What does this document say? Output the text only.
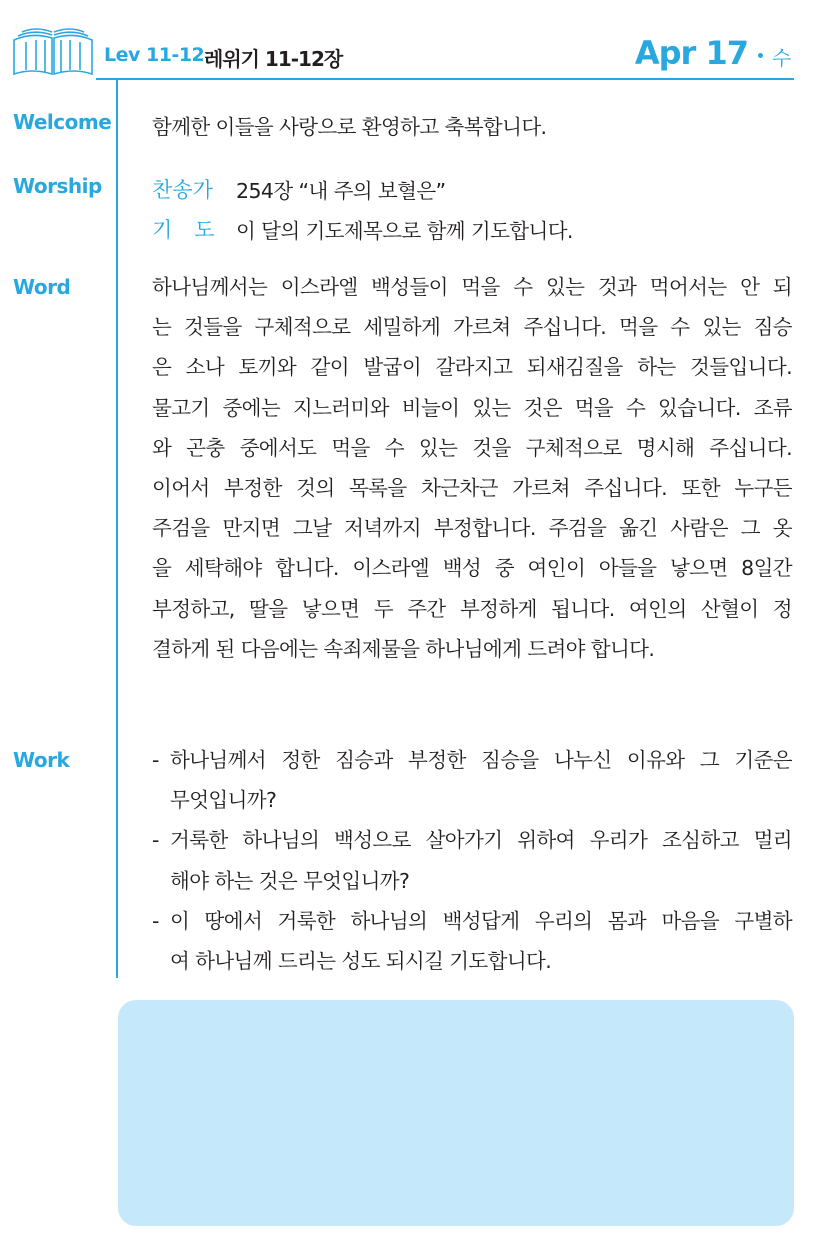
Lev 11-12 레위기 11-12장	Apr 17 수
Welcome 함께한 이들을 사랑으로 환영하고 축복합니다.
Worship 찬송가 254장 “내 주의 보혈은”
기 도 이 달의 기도제목으로 함께 기도합니다.
Word	하나님께서는 이스라엘 백성들이 먹을 수 있는 것과 먹어서는 안 되
는 것들을 구체적으로 세밀하게 가르쳐 주십니다. 먹을 수 있는 짐승
은 소나 토끼와 같이 발굽이 갈라지고 되새김질을 하는 것들입니다.
물고기 중에는 지느러미와 비늘이 있는 것은 먹을 수 있습니다. 조류
와 곤충 중에서도 먹을 수 있는 것을 구체적으로 명시해 주십니다.
이어서 부정한 것의 목록을 차근차근 가르쳐 주십니다. 또한 누구든
주검을 만지면 그날 저녁까지 부정합니다. 주검을 옮긴 사람은 그 옷
을 세탁해야 합니다. 이스라엘 백성 중 여인이 아들을 낳으면 8일간
부정하고, 딸을 낳으면 두 주간 부정하게 됩니다. 여인의 산혈이 정
결하게 된 다음에는 속죄제물을 하나님에게 드려야 합니다.
Work	- 하나님께서 정한 짐승과 부정한 짐승을 나누신 이유와 그 기준은
무엇입니까?
- 거룩한 하나님의 백성으로 살아가기 위하여 우리가 조심하고 멀리
해야 하는 것은 무엇입니까?
- 이 땅에서 거룩한 하나님의 백성답게 우리의 몸과 마음을 구별하
여 하나님께 드리는 성도 되시길 기도합니다.
